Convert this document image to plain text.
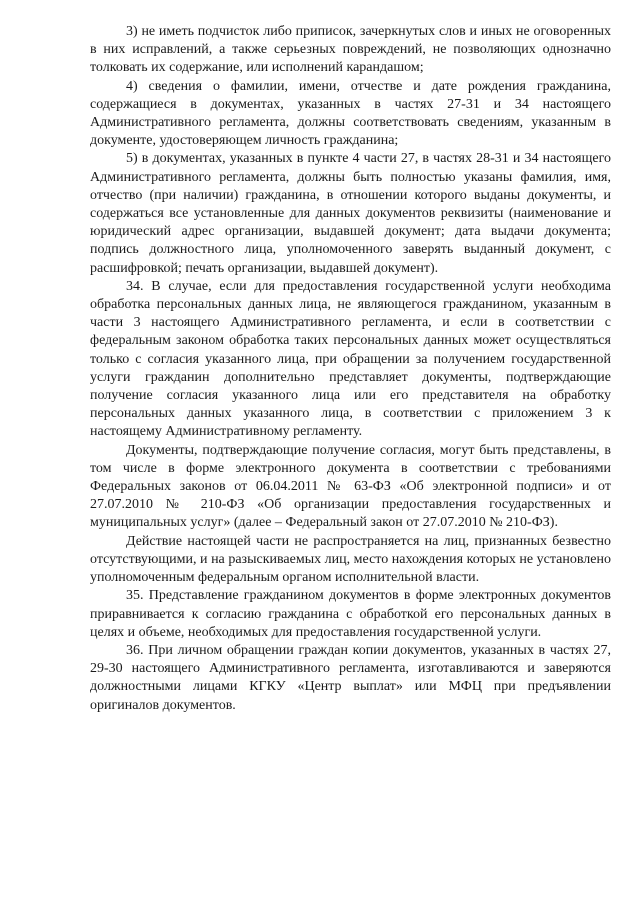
3) не иметь подчисток либо приписок, зачеркнутых слов и иных не оговоренных в них исправлений, а также серьезных повреждений, не позволяющих однозначно толковать их содержание, или исполнений карандашом;

4) сведения о фамилии, имени, отчестве и дате рождения гражданина, содержащиеся в документах, указанных в частях 27-31 и 34 настоящего Административного регламента, должны соответствовать сведениям, указанным в документе, удостоверяющем личность гражданина;

5) в документах, указанных в пункте 4 части 27, в частях 28-31 и 34 настоящего Административного регламента, должны быть полностью указаны фамилия, имя, отчество (при наличии) гражданина, в отношении которого выданы документы, и содержаться все установленные для данных документов реквизиты (наименование и юридический адрес организации, выдавшей документ; дата выдачи документа; подпись должностного лица, уполномоченного заверять выданный документ, с расшифровкой; печать организации, выдавшей документ).

34. В случае, если для предоставления государственной услуги необходима обработка персональных данных лица, не являющегося гражданином, указанным в части 3 настоящего Административного регламента, и если в соответствии с федеральным законом обработка таких персональных данных может осуществляться только с согласия указанного лица, при обращении за получением государственной услуги гражданин дополнительно представляет документы, подтверждающие получение согласия указанного лица или его представителя на обработку персональных данных указанного лица, в соответствии с приложением 3 к настоящему Административному регламенту.

Документы, подтверждающие получение согласия, могут быть представлены, в том числе в форме электронного документа в соответствии с требованиями Федеральных законов от 06.04.2011 № 63-ФЗ «Об электронной подписи» и от 27.07.2010 № 210-ФЗ «Об организации предоставления государственных и муниципальных услуг» (далее – Федеральный закон от 27.07.2010 № 210-ФЗ).

Действие настоящей части не распространяется на лиц, признанных безвестно отсутствующими, и на разыскиваемых лиц, место нахождения которых не установлено уполномоченным федеральным органом исполнительной власти.

35. Представление гражданином документов в форме электронных документов приравнивается к согласию гражданина с обработкой его персональных данных в целях и объеме, необходимых для предоставления государственной услуги.

36. При личном обращении граждан копии документов, указанных в частях 27, 29-30 настоящего Административного регламента, изготавливаются и заверяются должностными лицами КГКУ «Центр выплат» или МФЦ при предъявлении оригиналов документов.
